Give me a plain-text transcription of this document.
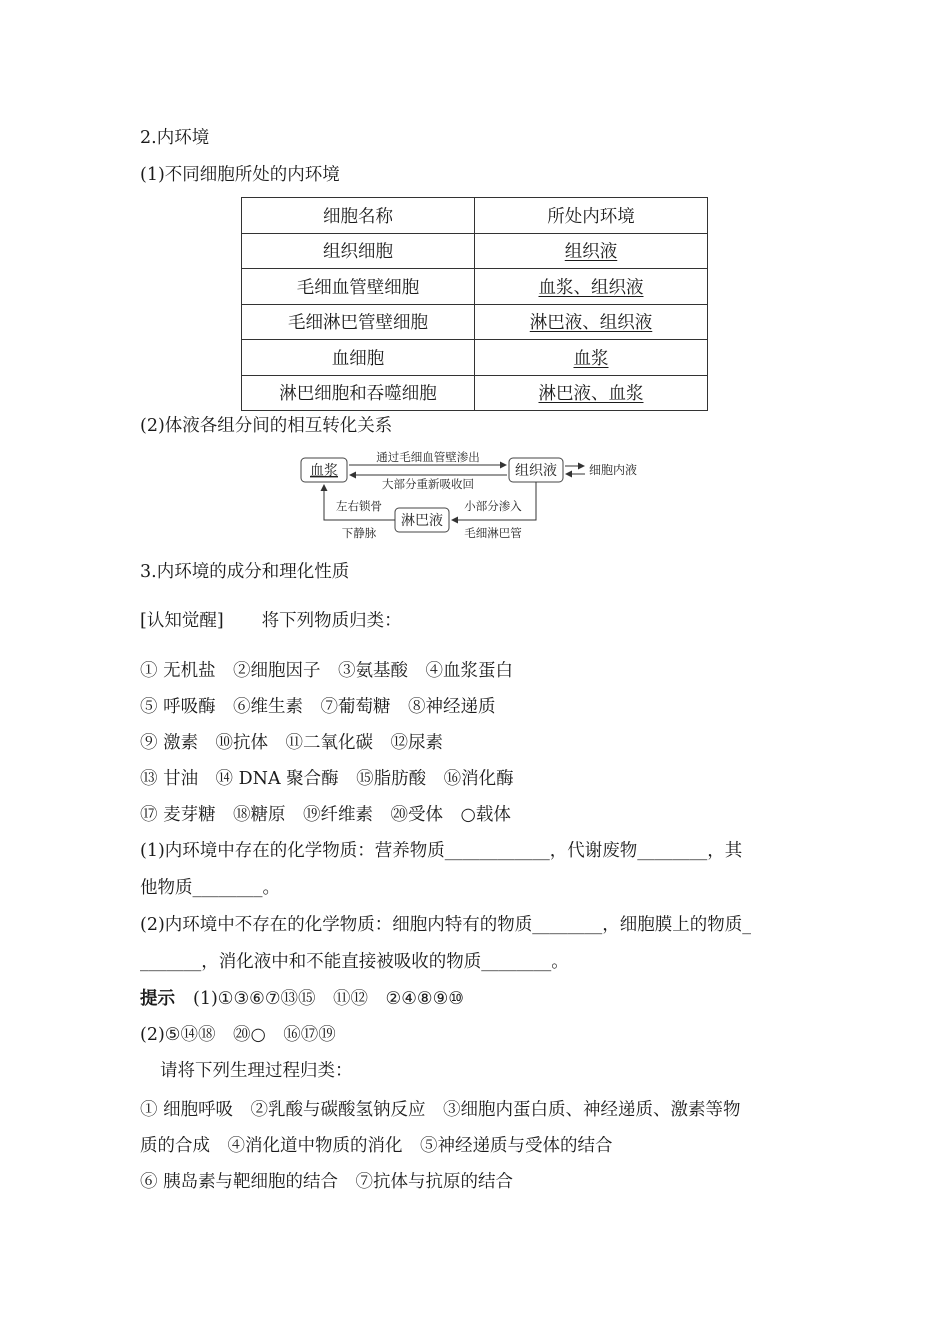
2.内环境
(1)不同细胞所处的内环境
细胞名称	所处内环境
组织细胞	组织液
毛细血管壁细胞	血浆、组织液
毛细淋巴管壁细胞	淋巴液、组织液
血细胞	血浆
淋巴细胞和吞噬细胞	淋巴液、血浆
(2)体液各组分间的相互转化关系
血浆	组织液
淋巴液
通过毛细血管壁渗出
大部分重新吸收回
细胞内液
小部分渗入
毛细淋巴管
左右锁骨
下静脉
3.内环境的成分和理化性质
[认知觉醒] 将下列物质归类：
① 无机盐　②细胞因子　③氨基酸　④血浆蛋白
⑤ 呼吸酶　⑥维生素　⑦葡萄糖　⑧神经递质
⑨ 激素　⑩抗体　⑪二氧化碳　⑫尿素
⑬ 甘油　⑭ DNA 聚合酶　⑮脂肪酸　⑯消化酶
⑰ 麦芽糖　⑱糖原　⑲纤维素　⑳受体　○载体
(1)内环境中存在的化学物质：营养物质____________，代谢废物________，其
他物质________。
(2)内环境中不存在的化学物质：细胞内特有的物质________，细胞膜上的物质_
_______，消化液中和不能直接被吸收的物质________。
提示 (1)①③⑥⑦⑬⑮　⑪⑫　②④⑧⑨⑩
(2)⑤⑭⑱　⑳○　⑯⑰⑲
请将下列生理过程归类：
① 细胞呼吸　②乳酸与碳酸氢钠反应　③细胞内蛋白质、神经递质、激素等物
质的合成　④消化道中物质的消化　⑤神经递质与受体的结合
⑥ 胰岛素与靶细胞的结合　⑦抗体与抗原的结合
